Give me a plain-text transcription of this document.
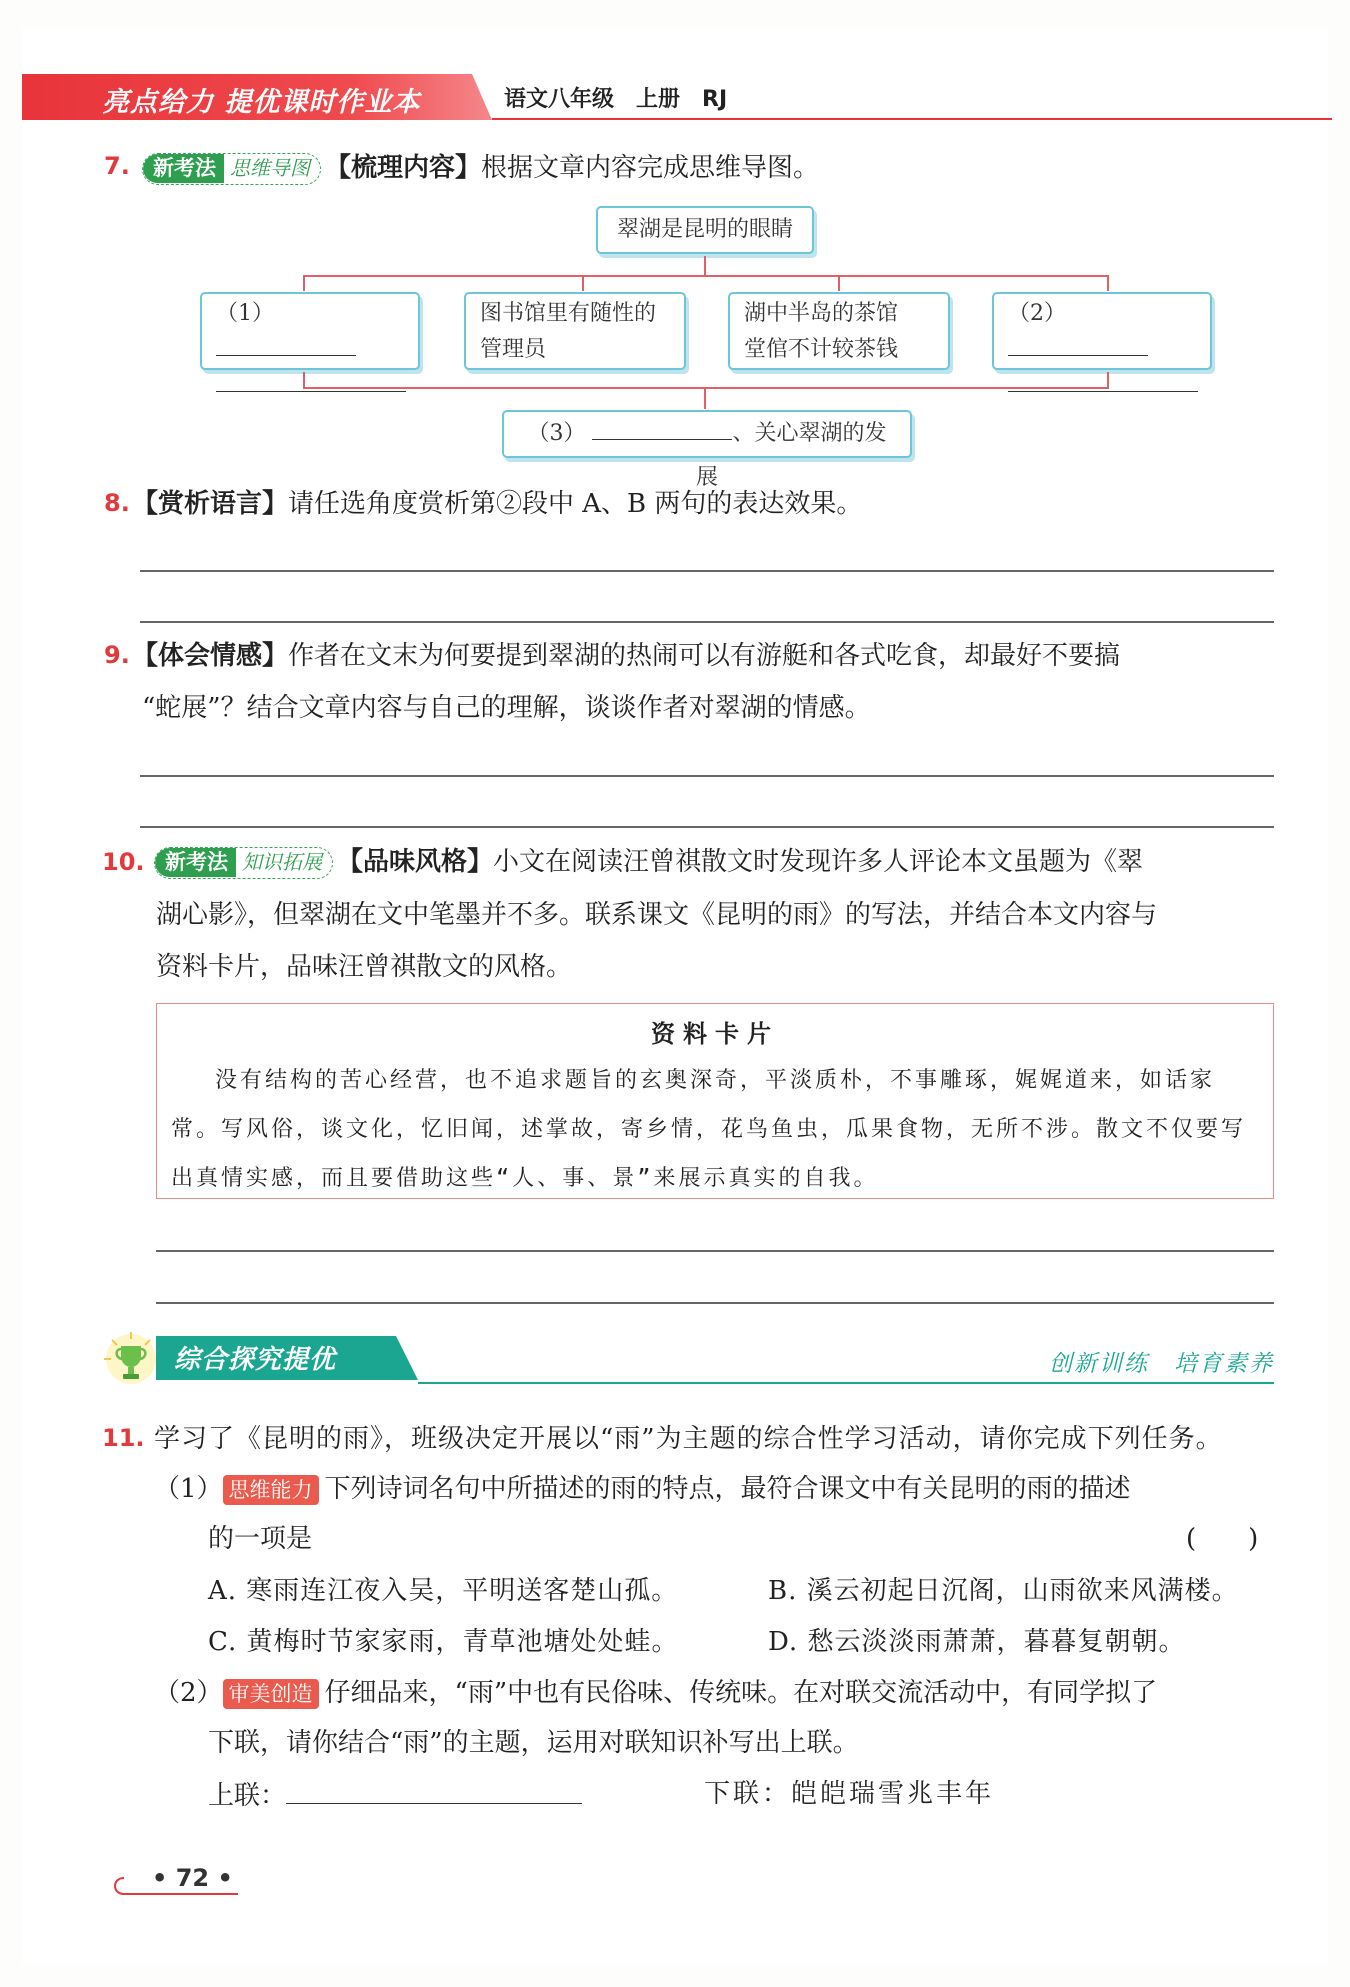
亮点给力 提优课时作业本	语文八年级　上册　RJ
7.	新考法 思维导图 【梳理内容】根据文章内容完成思维导图。
翠湖是昆明的眼睛
（1）	图书馆里有随性的
管理员
湖中半岛的茶馆
堂倌不计较茶钱
（2）
（3）	、关心翠湖的发展
8. 【赏析语言】请任选角度赏析第②段中 A、B 两句的表达效果。
9. 【体会情感】作者在文末为何要提到翠湖的热闹可以有游艇和各式吃食，却最好不要搞
“蛇展”？结合文章内容与自己的理解，谈谈作者对翠湖的情感。
10. 新考法 知识拓展 【品味风格】小文在阅读汪曾祺散文时发现许多人评论本文虽题为《翠
湖心影》，但翠湖在文中笔墨并不多。联系课文《昆明的雨》的写法，并结合本文内容与
资料卡片，品味汪曾祺散文的风格。
资料卡片
没有结构的苦心经营，也不追求题旨的玄奥深奇，平淡质朴，不事雕琢，娓娓道来，如话家常。写风俗，谈文化，忆旧闻，述掌故，寄乡情，花鸟鱼虫，瓜果食物，无所不涉。散文不仅要写出真情实感，而且要借助这些“人、事、景”来展示真实的自我。
综合探究提优	创新训练　培育素养
11. 学习了《昆明的雨》，班级决定开展以“雨”为主题的综合性学习活动，请你完成下列任务。
（1） 思维能力 下列诗词名句中所描述的雨的特点，最符合课文中有关昆明的雨的描述
的一项是	(　　)
A. 寒雨连江夜入吴，平明送客楚山孤。	B. 溪云初起日沉阁，山雨欲来风满楼。
C. 黄梅时节家家雨，青草池塘处处蛙。	D. 愁云淡淡雨萧萧，暮暮复朝朝。
（2） 审美创造 仔细品来，“雨”中也有民俗味、传统味。在对联交流活动中，有同学拟了
下联，请你结合“雨”的主题，运用对联知识补写出上联。
上联：	下联：皑皑瑞雪兆丰年
• 72 •
